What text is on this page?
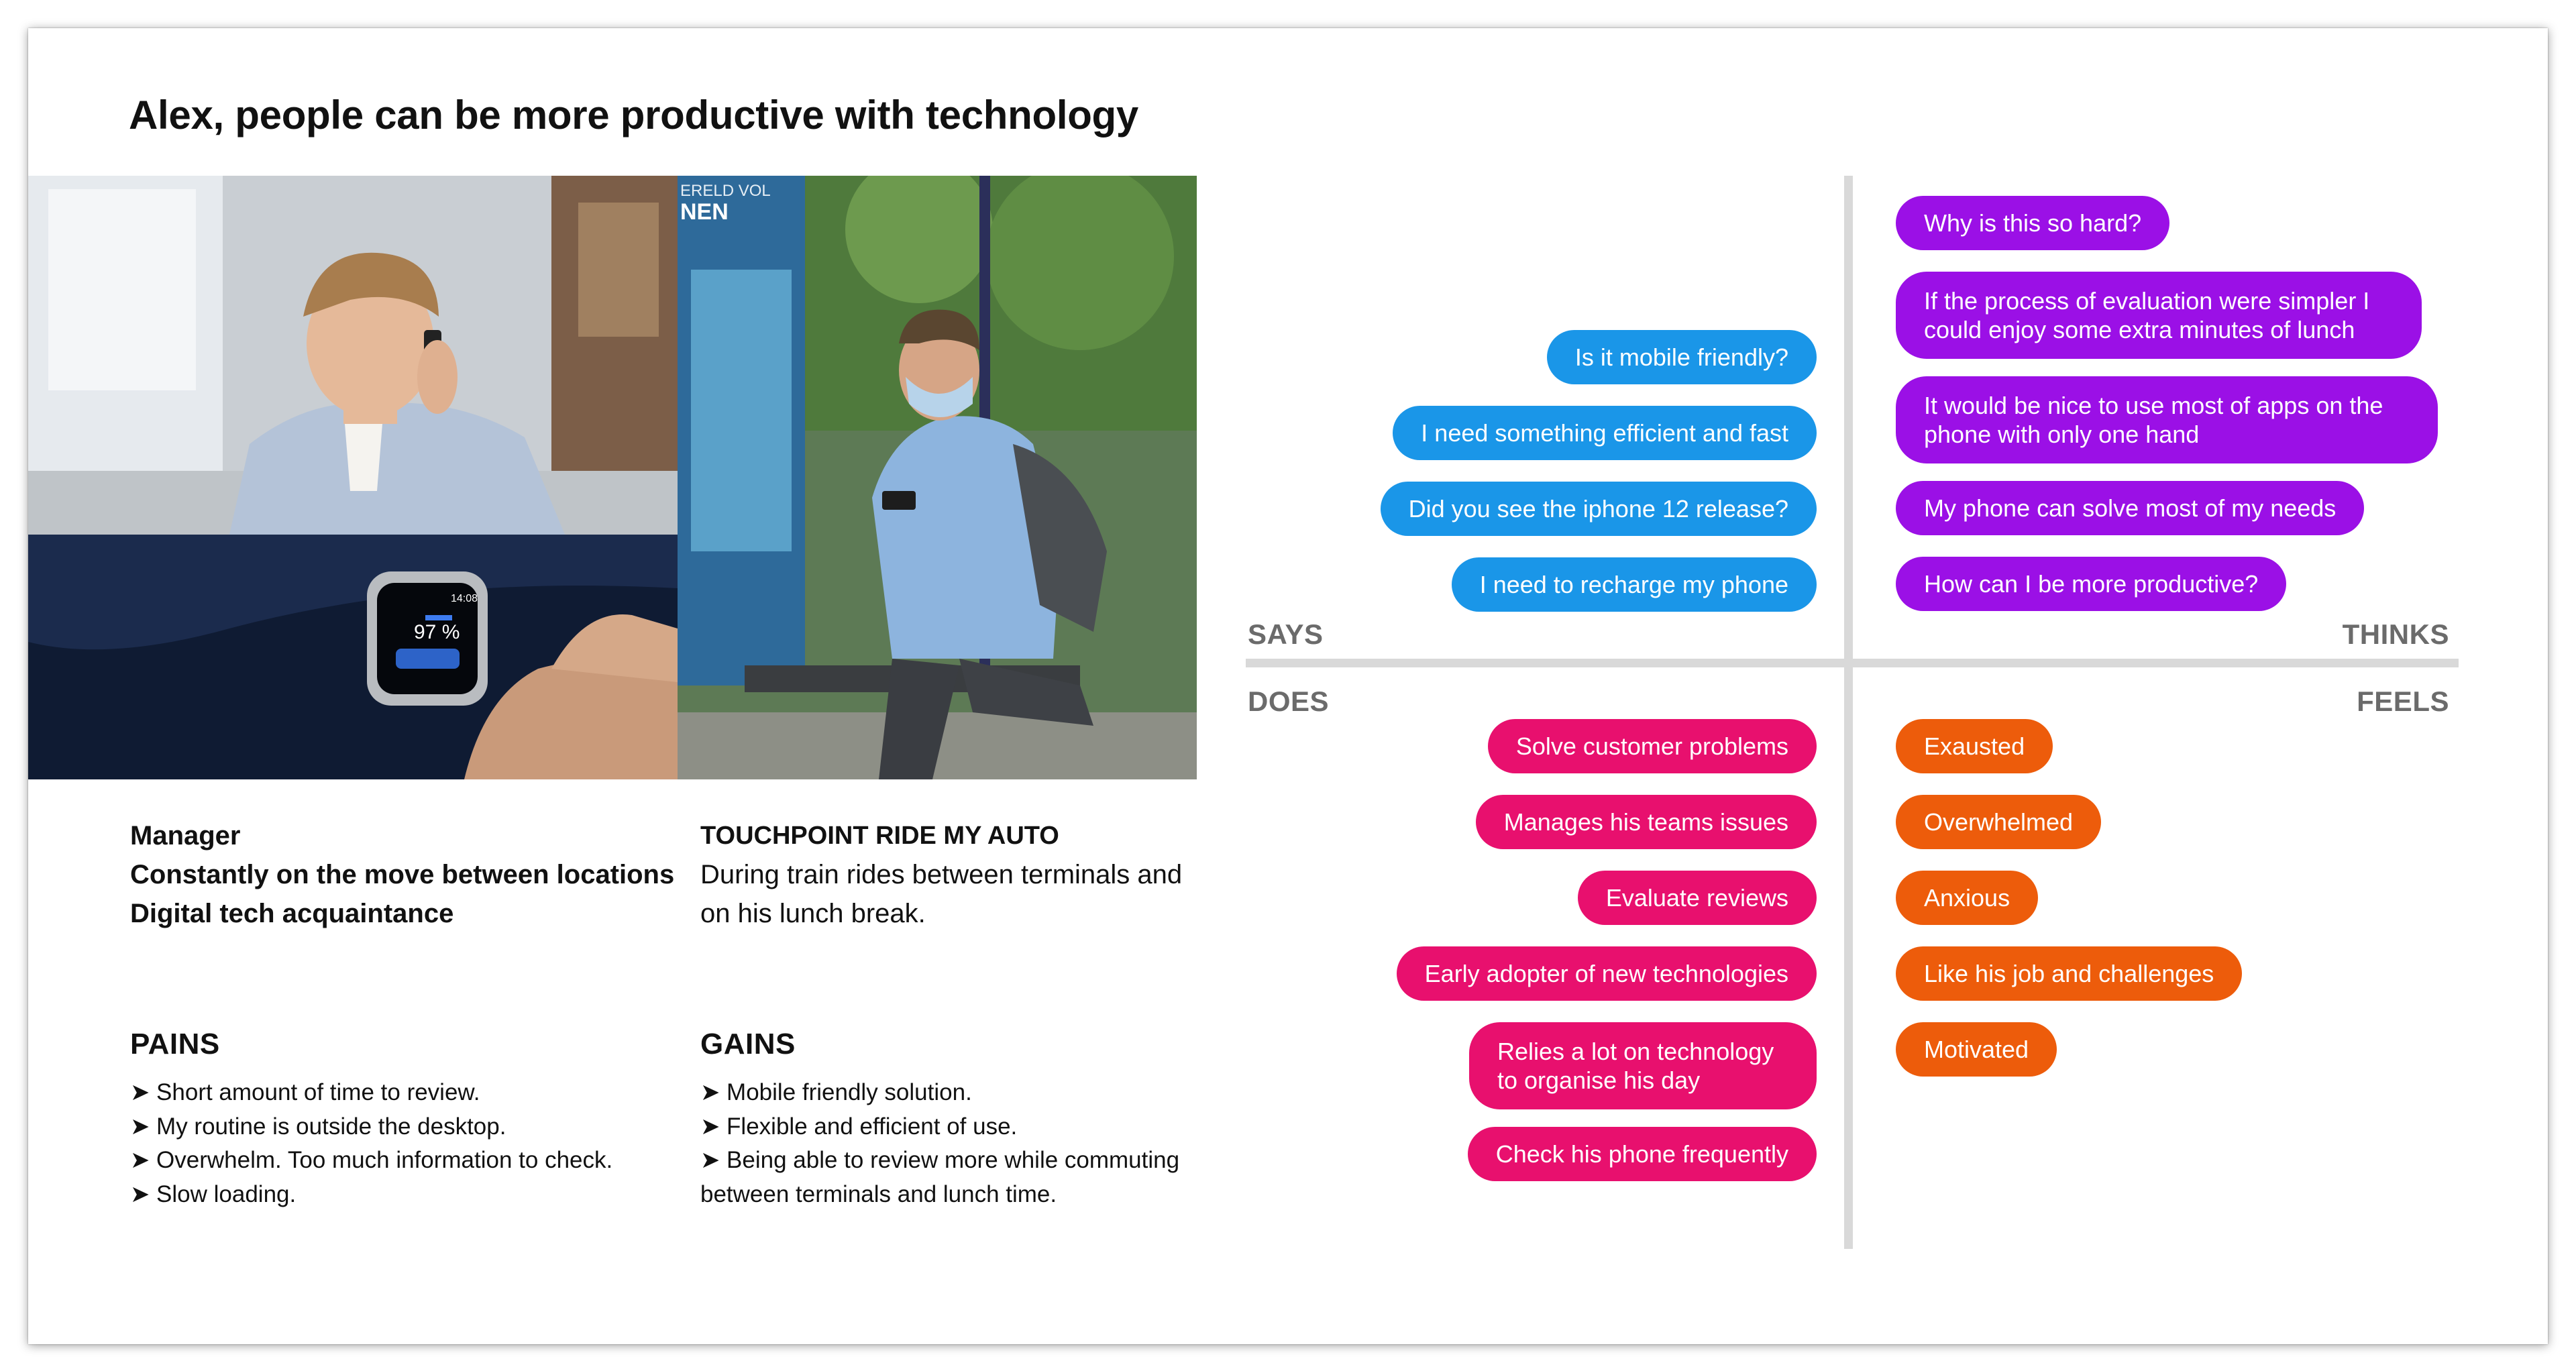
Alex, people can be more productive with technology
14:08
97 %
ERELD VOL
NEN
Manager
Constantly on the move between locations
Digital tech acquaintance
TOUCHPOINT RIDE MY AUTO
During train rides between terminals and on his lunch break.
PAINS
➤ Short amount of time to review.
➤ My routine is outside the desktop.
➤ Overwhelm. Too much information to check.
➤ Slow loading.
GAINS
➤ Mobile friendly solution.
➤ Flexible and efficient of use.
➤ Being able to review more while commuting between terminals and lunch time.
SAYS	THINKS
DOES	FEELS
Is it mobile friendly?
I need something efficient and fast
Did you see the iphone 12 release?
I need to recharge my phone
Why is this so hard?
If the process of evaluation were simpler I could enjoy some extra minutes of lunch
It would be nice to use most of apps on the phone with only one hand
My phone can solve most of my needs
How can I be more productive?
Solve customer problems
Manages his teams issues
Evaluate reviews
Early adopter of new technologies
Relies a lot on technology to organise his day
Check his phone frequently
Exausted
Overwhelmed
Anxious
Like his job and challenges
Motivated
